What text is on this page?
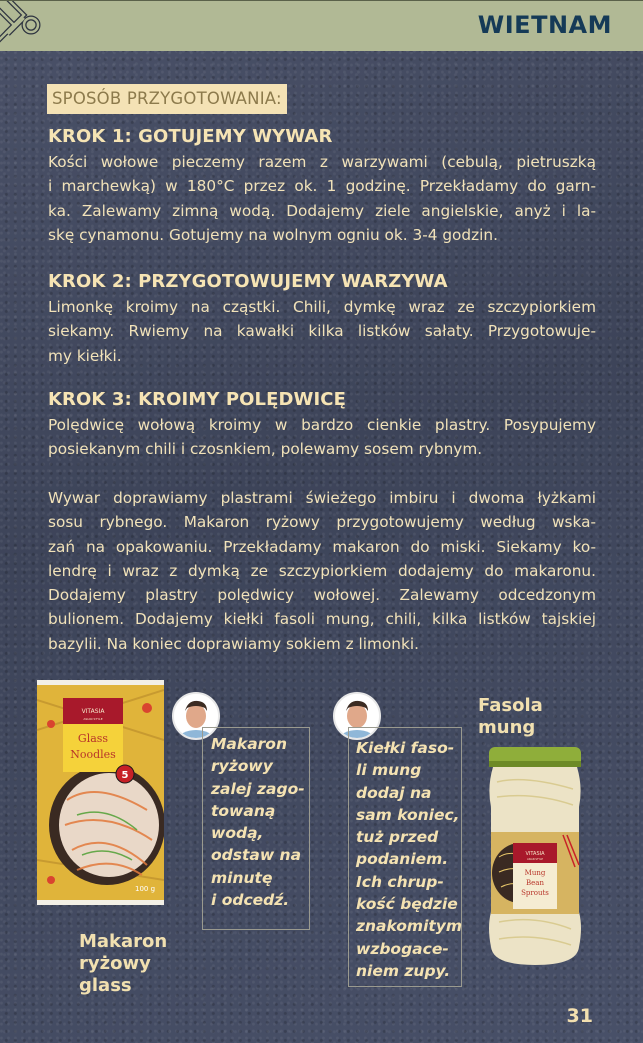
WIETNAM
SPOSÓB PRZYGOTOWANIA:
KROK 1: GOTUJEMY WYWAR
Kości wołowe pieczemy razem z warzywami (cebulą, pietruszką
i marchewką) w 180°C przez ok. 1 godzinę. Przekładamy do garn-
ka. Zalewamy zimną wodą. Dodajemy ziele angielskie, anyż i la-
skę cynamonu. Gotujemy na wolnym ogniu ok. 3-4 godzin.
KROK 2: PRZYGOTOWUJEMY WARZYWA
Limonkę kroimy na cząstki. Chili, dymkę wraz ze szczypiorkiem
siekamy. Rwiemy na kawałki kilka listków sałaty. Przygotowuje-
my kiełki.
KROK 3: KROIMY POLĘDWICĘ
Polędwicę wołową kroimy w bardzo cienkie plastry. Posypujemy
posiekanym chili i czosnkiem, polewamy sosem rybnym.
Wywar doprawiamy plastrami świeżego imbiru i dwoma łyżkami
sosu rybnego. Makaron ryżowy przygotowujemy według wska-
zań na opakowaniu. Przekładamy makaron do miski. Siekamy ko-
lendrę i wraz z dymką ze szczypiorkiem dodajemy do makaronu.
Dodajemy plastry polędwicy wołowej. Zalewamy odcedzonym
bulionem. Dodajemy kiełki fasoli mung, chili, kilka listków tajskiej
bazylii. Na koniec doprawiamy sokiem z limonki.
VITASIA
ASIAN STYLE
Glass
Noodles
5
100 g
Makaron
ryżowy
zalej zago-
towaną
wodą,
odstaw na
minutę
i odcedź.
Makaron
ryżowy
glass
Kiełki faso-
li mung
dodaj na
sam koniec,
tuż przed
podaniem.
Ich chrup-
kość będzie
znakomitym
wzbogace-
niem zupy.
Fasola
mung
VITASIA
ASIAN STYLE
Mung
Bean
Sprouts
31
